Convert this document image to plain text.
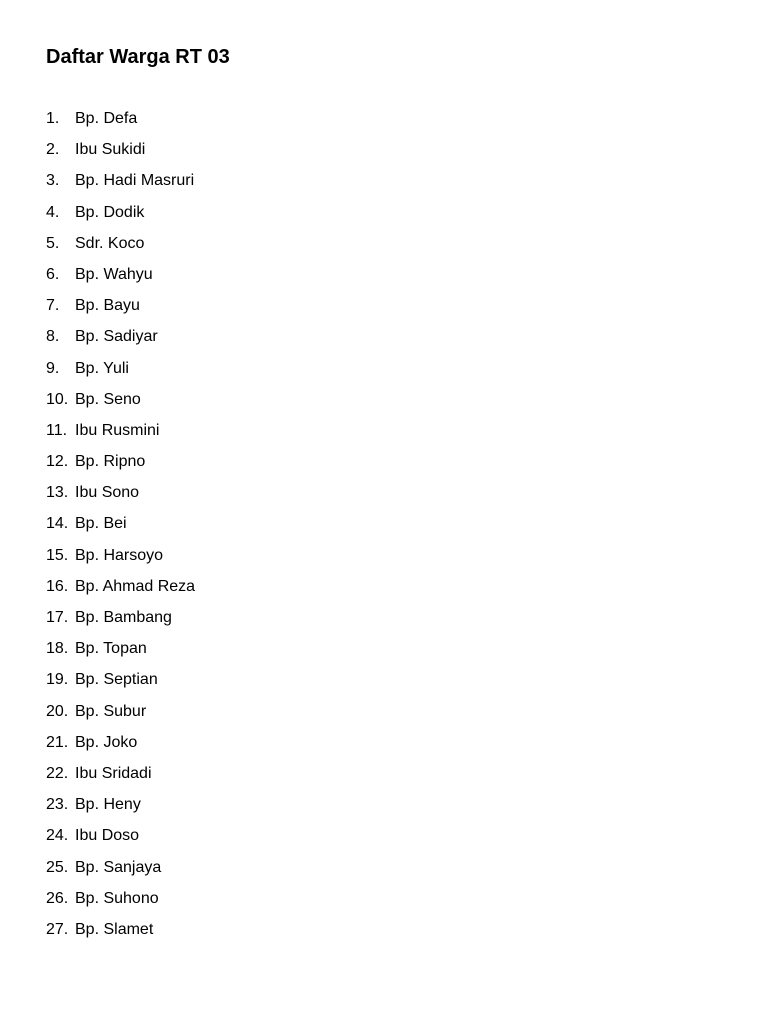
Daftar Warga RT 03
1. Bp. Defa
2. Ibu Sukidi
3. Bp. Hadi Masruri
4. Bp. Dodik
5. Sdr. Koco
6. Bp. Wahyu
7. Bp. Bayu
8. Bp. Sadiyar
9. Bp. Yuli
10. Bp. Seno
11. Ibu Rusmini
12. Bp. Ripno
13. Ibu Sono
14. Bp. Bei
15. Bp. Harsoyo
16. Bp. Ahmad Reza
17. Bp. Bambang
18. Bp. Topan
19. Bp. Septian
20. Bp. Subur
21. Bp. Joko
22. Ibu Sridadi
23. Bp. Heny
24. Ibu Doso
25. Bp. Sanjaya
26. Bp. Suhono
27. Bp. Slamet
